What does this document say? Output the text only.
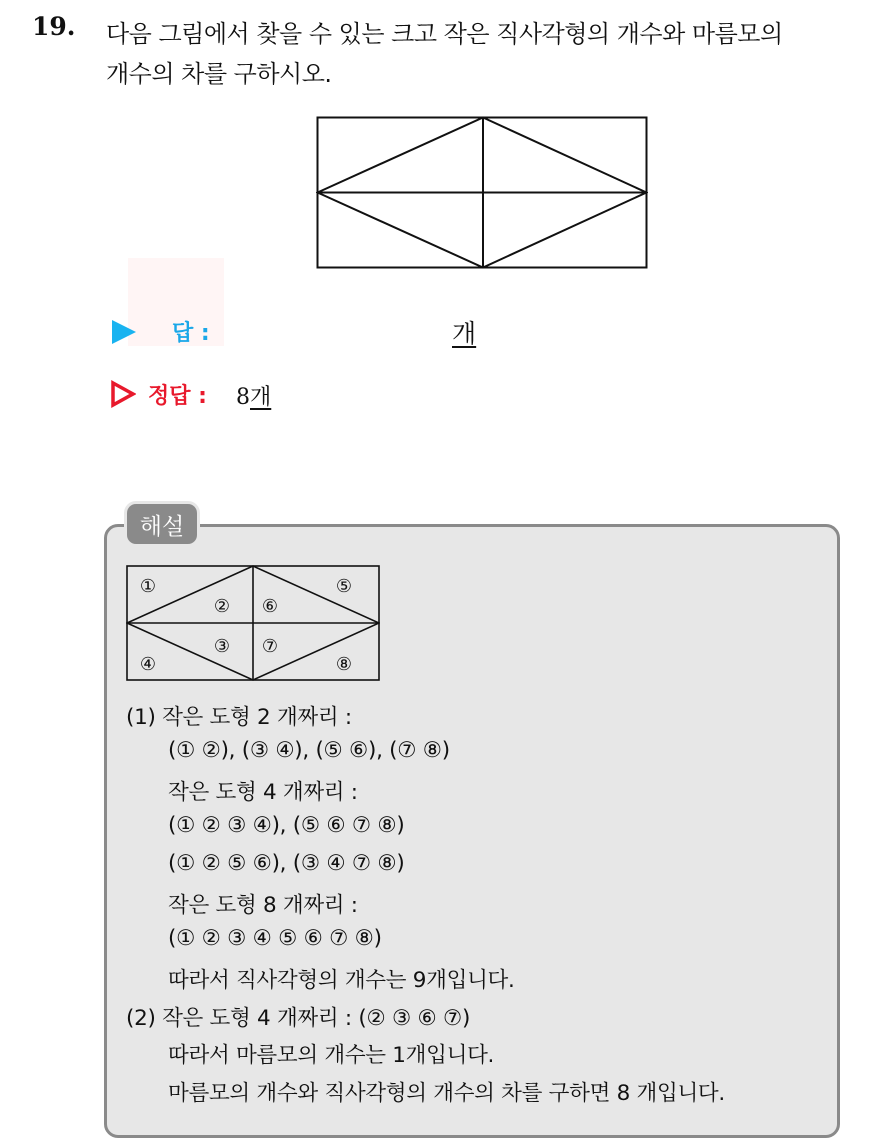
19. 다음 그림에서 찾을 수 있는 크고 작은 직사각형의 개수와 마름모의
개수의 차를 구하시오.
답 :	개
정답 : 8개
해설
①
②
③
④
⑤
⑥
⑦
⑧
(1) 작은 도형 2 개짜리 :
(① ②), (③ ④), (⑤ ⑥), (⑦ ⑧)
작은 도형 4 개짜리 :
(① ② ③ ④), (⑤ ⑥ ⑦ ⑧)
(① ② ⑤ ⑥), (③ ④ ⑦ ⑧)
작은 도형 8 개짜리 :
(① ② ③ ④ ⑤ ⑥ ⑦ ⑧)
따라서 직사각형의 개수는 9개입니다.
(2) 작은 도형 4 개짜리 : (② ③ ⑥ ⑦)
따라서 마름모의 개수는 1개입니다.
마름모의 개수와 직사각형의 개수의 차를 구하면 8 개입니다.
